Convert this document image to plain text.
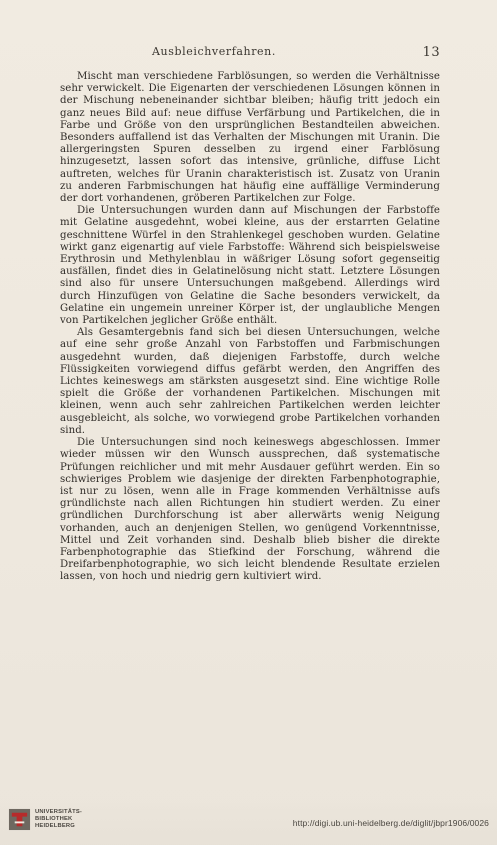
Ausbleichverfahren.	13

Mischt man verschiedene Farblösungen, so werden die Verhältnisse sehr verwickelt. Die Eigenarten der verschiedenen Lösungen können in der Mischung nebeneinander sichtbar bleiben; häufig tritt jedoch ein ganz neues Bild auf: neue diffuse Verfärbung und Partikelchen, die in Farbe und Größe von den ursprünglichen Bestandteilen abweichen. Besonders auffallend ist das Verhalten der Mischungen mit Uranin. Die allergeringsten Spuren desselben zu irgend einer Farblösung hinzugesetzt, lassen sofort das intensive, grünliche, diffuse Licht auftreten, welches für Uranin charakteristisch ist. Zusatz von Uranin zu anderen Farbmischungen hat häufig eine auffällige Verminderung der dort vorhandenen, gröberen Partikelchen zur Folge.

Die Untersuchungen wurden dann auf Mischungen der Farbstoffe mit Gelatine ausgedehnt, wobei kleine, aus der erstarrten Gelatine geschnittene Würfel in den Strahlenkegel geschoben wurden. Gelatine wirkt ganz eigenartig auf viele Farbstoffe: Während sich beispielsweise Erythrosin und Methylenblau in wäßriger Lösung sofort gegenseitig ausfällen, findet dies in Gelatinelösung nicht statt. Letztere Lösungen sind also für unsere Untersuchungen maßgebend. Allerdings wird durch Hinzufügen von Gelatine die Sache besonders verwickelt, da Gelatine ein ungemein unreiner Körper ist, der unglaubliche Mengen von Partikelchen jeglicher Größe enthält.

Als Gesamtergebnis fand sich bei diesen Untersuchungen, welche auf eine sehr große Anzahl von Farbstoffen und Farbmischungen ausgedehnt wurden, daß diejenigen Farbstoffe, durch welche Flüssigkeiten vorwiegend diffus gefärbt werden, den Angriffen des Lichtes keineswegs am stärksten ausgesetzt sind. Eine wichtige Rolle spielt die Größe der vorhandenen Partikelchen. Mischungen mit kleinen, wenn auch sehr zahlreichen Partikelchen werden leichter ausgebleicht, als solche, wo vorwiegend grobe Partikelchen vorhanden sind.

Die Untersuchungen sind noch keineswegs abgeschlossen. Immer wieder müssen wir den Wunsch aussprechen, daß systematische Prüfungen reichlicher und mit mehr Ausdauer geführt werden. Ein so schwieriges Problem wie dasjenige der direkten Farbenphotographie, ist nur zu lösen, wenn alle in Frage kommenden Verhältnisse aufs gründlichste nach allen Richtungen hin studiert werden. Zu einer gründlichen Durchforschung ist aber allerwärts wenig Neigung vorhanden, auch an denjenigen Stellen, wo genügend Vorkenntnisse, Mittel und Zeit vorhanden sind. Deshalb blieb bisher die direkte Farbenphotographie das Stiefkind der Forschung, während die Dreifarbenphotographie, wo sich leicht blendende Resultate erzielen lassen, von hoch und niedrig gern kultiviert wird.

UNIVERSITÄTS-
BIBLIOTHEK
HEIDELBERG	http://digi.ub.uni-heidelberg.de/diglit/jbpr1906/0026
